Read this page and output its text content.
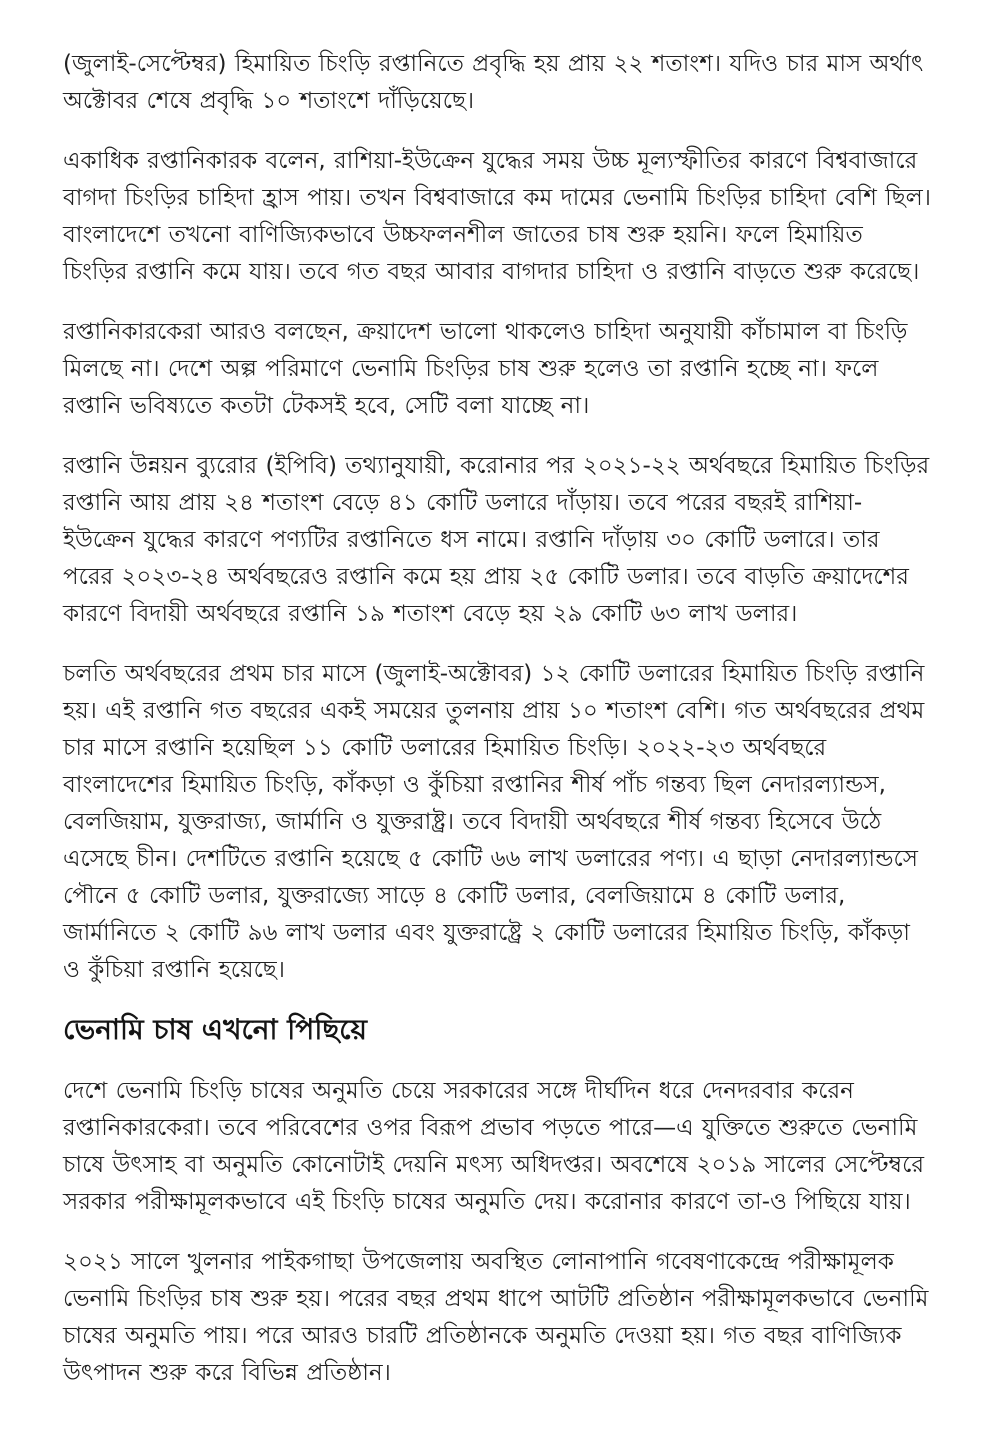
(জুলাই-সেপ্টেম্বর) হিমায়িত চিংড়ি রপ্তানিতে প্রবৃদ্ধি হয় প্রায় ২২ শতাংশ। যদিও চার মাস অর্থাৎ অক্টোবর শেষে প্রবৃদ্ধি ১০ শতাংশে দাঁড়িয়েছে।

একাধিক রপ্তানিকারক বলেন, রাশিয়া-ইউক্রেন যুদ্ধের সময় উচ্চ মূল্যস্ফীতির কারণে বিশ্ববাজারে বাগদা চিংড়ির চাহিদা হ্রাস পায়। তখন বিশ্ববাজারে কম দামের ভেনামি চিংড়ির চাহিদা বেশি ছিল। বাংলাদেশে তখনো বাণিজ্যিকভাবে উচ্চফলনশীল জাতের চাষ শুরু হয়নি। ফলে হিমায়িত চিংড়ির রপ্তানি কমে যায়। তবে গত বছর আবার বাগদার চাহিদা ও রপ্তানি বাড়তে শুরু করেছে।

রপ্তানিকারকেরা আরও বলছেন, ক্রয়াদেশ ভালো থাকলেও চাহিদা অনুযায়ী কাঁচামাল বা চিংড়ি মিলছে না। দেশে অল্প পরিমাণে ভেনামি চিংড়ির চাষ শুরু হলেও তা রপ্তানি হচ্ছে না। ফলে রপ্তানি ভবিষ্যতে কতটা টেকসই হবে, সেটি বলা যাচ্ছে না।

রপ্তানি উন্নয়ন ব্যুরোর (ইপিবি) তথ্যানুযায়ী, করোনার পর ২০২১-২২ অর্থবছরে হিমায়িত চিংড়ির রপ্তানি আয় প্রায় ২৪ শতাংশ বেড়ে ৪১ কোটি ডলারে দাঁড়ায়। তবে পরের বছরই রাশিয়া-ইউক্রেন যুদ্ধের কারণে পণ্যটির রপ্তানিতে ধস নামে। রপ্তানি দাঁড়ায় ৩০ কোটি ডলারে। তার পরের ২০২৩-২৪ অর্থবছরেও রপ্তানি কমে হয় প্রায় ২৫ কোটি ডলার। তবে বাড়তি ক্রয়াদেশের কারণে বিদায়ী অর্থবছরে রপ্তানি ১৯ শতাংশ বেড়ে হয় ২৯ কোটি ৬৩ লাখ ডলার।

চলতি অর্থবছরের প্রথম চার মাসে (জুলাই-অক্টোবর) ১২ কোটি ডলারের হিমায়িত চিংড়ি রপ্তানি হয়। এই রপ্তানি গত বছরের একই সময়ের তুলনায় প্রায় ১০ শতাংশ বেশি। গত অর্থবছরের প্রথম চার মাসে রপ্তানি হয়েছিল ১১ কোটি ডলারের হিমায়িত চিংড়ি। ২০২২-২৩ অর্থবছরে বাংলাদেশের হিমায়িত চিংড়ি, কাঁকড়া ও কুঁচিয়া রপ্তানির শীর্ষ পাঁচ গন্তব্য ছিল নেদারল্যান্ডস, বেলজিয়াম, যুক্তরাজ্য, জার্মানি ও যুক্তরাষ্ট্র। তবে বিদায়ী অর্থবছরে শীর্ষ গন্তব্য হিসেবে উঠে এসেছে চীন। দেশটিতে রপ্তানি হয়েছে ৫ কোটি ৬৬ লাখ ডলারের পণ্য। এ ছাড়া নেদারল্যান্ডসে পৌনে ৫ কোটি ডলার, যুক্তরাজ্যে সাড়ে ৪ কোটি ডলার, বেলজিয়ামে ৪ কোটি ডলার, জার্মানিতে ২ কোটি ৯৬ লাখ ডলার এবং যুক্তরাষ্ট্রে ২ কোটি ডলারের হিমায়িত চিংড়ি, কাঁকড়া ও কুঁচিয়া রপ্তানি হয়েছে।

ভেনামি চাষ এখনো পিছিয়ে

দেশে ভেনামি চিংড়ি চাষের অনুমতি চেয়ে সরকারের সঙ্গে দীর্ঘদিন ধরে দেনদরবার করেন রপ্তানিকারকেরা। তবে পরিবেশের ওপর বিরূপ প্রভাব পড়তে পারে—এ যুক্তিতে শুরুতে ভেনামি চাষে উৎসাহ বা অনুমতি কোনোটাই দেয়নি মৎস্য অধিদপ্তর। অবশেষে ২০১৯ সালের সেপ্টেম্বরে সরকার পরীক্ষামূলকভাবে এই চিংড়ি চাষের অনুমতি দেয়। করোনার কারণে তা-ও পিছিয়ে যায়।

২০২১ সালে খুলনার পাইকগাছা উপজেলায় অবস্থিত লোনাপানি গবেষণাকেন্দ্রে পরীক্ষামূলক ভেনামি চিংড়ির চাষ শুরু হয়। পরের বছর প্রথম ধাপে আটটি প্রতিষ্ঠান পরীক্ষামূলকভাবে ভেনামি চাষের অনুমতি পায়। পরে আরও চারটি প্রতিষ্ঠানকে অনুমতি দেওয়া হয়। গত বছর বাণিজ্যিক উৎপাদন শুরু করে বিভিন্ন প্রতিষ্ঠান।
